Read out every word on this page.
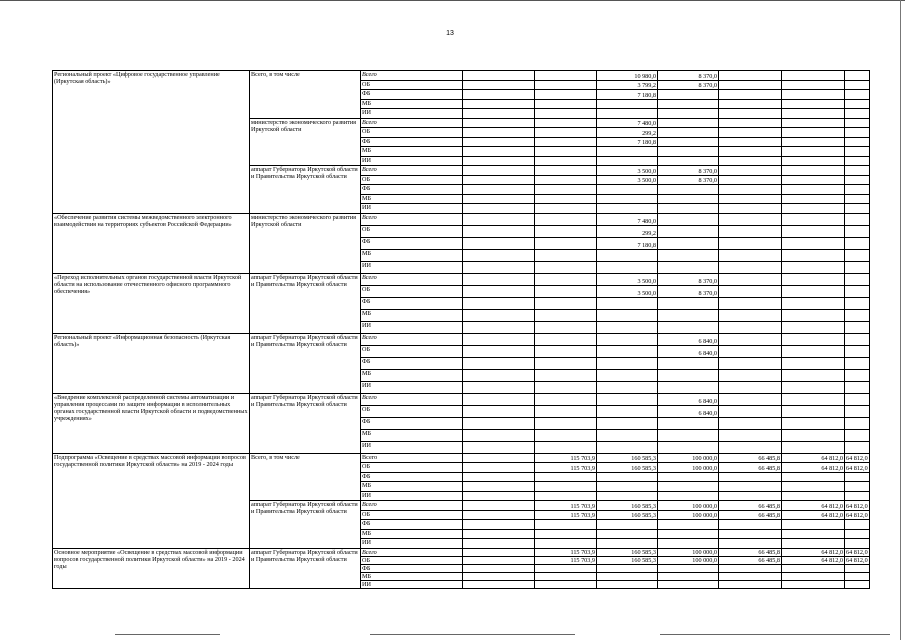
13
Региональный проект «Цифровое государственное управление (Иркутская область)»	Всего, в том числе	Всего			10 980,0	8 370,0			
		ОБ			3 799,2	8 370,0			
		ФБ			7 180,8				
		МБ							
		ИИ							
	министерство экономического развития Иркутской области	Всего			7 480,0				
		ОБ			299,2				
		ФБ			7 180,8				
		МБ							
		ИИ							
	аппарат Губернатора Иркутской области и Правительства Иркутской области	Всего			3 500,0	8 370,0			
		ОБ			3 500,0	8 370,0			
		ФБ							
		МБ							
		ИИ							
«Обеспечение развития системы межведомственного электронного взаимодействия на территориях субъектов Российской Федерации»	министерство экономического развития Иркутской области	Всего			7 480,0				
		ОБ			299,2				
		ФБ			7 180,8				
		МБ							
		ИИ							
«Переход исполнительных органов государственной власти Иркутской области на использование отечественного офисного программного обеспечения»	аппарат Губернатора Иркутской области и Правительства Иркутской области	Всего			3 500,0	8 370,0			
		ОБ			3 500,0	8 370,0			
		ФБ							
		МБ							
		ИИ							
Региональный проект «Информационная безопасность (Иркутская область)»	аппарат Губернатора Иркутской области и Правительства Иркутской области	Всего				6 840,0			
		ОБ				6 840,0			
		ФБ							
		МБ							
		ИИ							
«Внедрение комплексной распределенной системы автоматизации и управления процессами по защите информации в исполнительных органах государственной власти Иркутской области и подведомственных учреждениях»	аппарат Губернатора Иркутской области и Правительства Иркутской области	Всего				6 840,0			
		ОБ				6 840,0			
		ФБ							
		МБ							
		ИИ							
Подпрограмма «Освещение в средствах массовой информации вопросов государственной политики Иркутской области» на 2019 - 2024 годы	Всего, в том числе	Всего		115 703,9	160 585,3	100 000,0	66 485,8	64 812,0	64 812,0
		ОБ		115 703,9	160 585,3	100 000,0	66 485,8	64 812,0	64 812,0
		ФБ							
		МБ							
		ИИ							
	аппарат Губернатора Иркутской области и Правительства Иркутской области	Всего		115 703,9	160 585,3	100 000,0	66 485,8	64 812,0	64 812,0
		ОБ		115 703,9	160 585,3	100 000,0	66 485,8	64 812,0	64 812,0
		ФБ							
		МБ							
		ИИ							
Основное мероприятие «Освещение в средствах массовой информации вопросов государственной политики Иркутской области» на 2019 - 2024 годы	аппарат Губернатора Иркутской области и Правительства Иркутской области	Всего		115 703,9	160 585,3	100 000,0	66 485,8	64 812,0	64 812,0
		ОБ		115 703,9	160 585,3	100 000,0	66 485,8	64 812,0	64 812,0
		ФБ							
		МБ							
		ИИ							
